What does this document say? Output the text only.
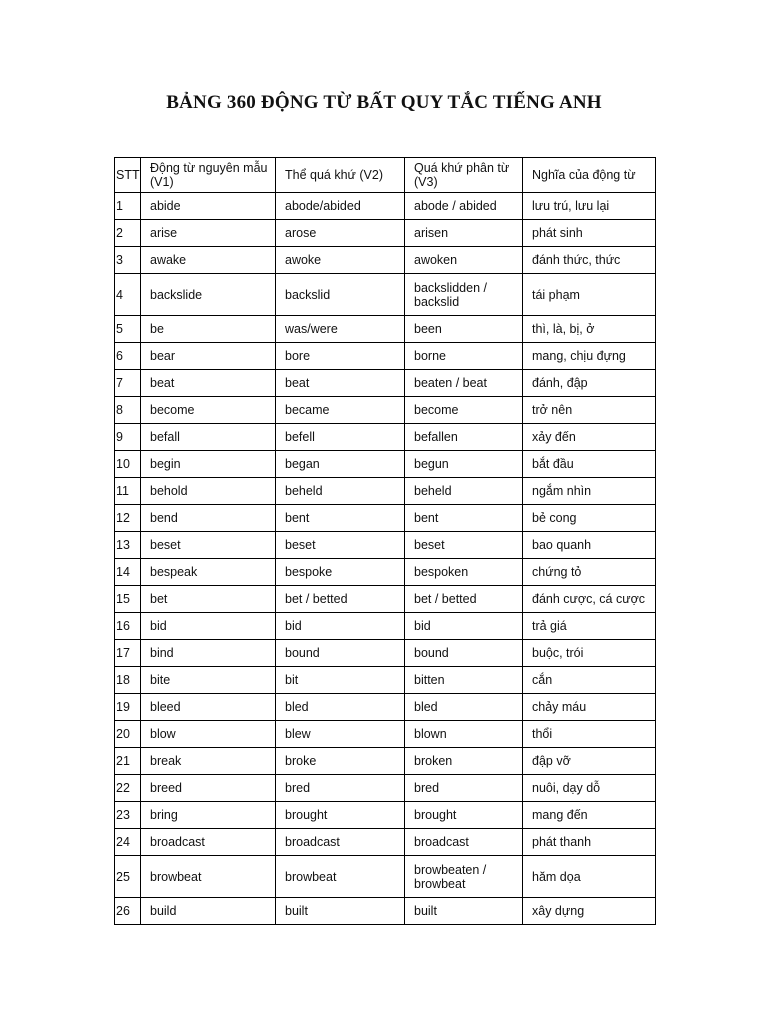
BẢNG 360 ĐỘNG TỪ BẤT QUY TẮC TIẾNG ANH
STT	Động từ nguyên mẫu (V1)	Thể quá khứ (V2)	Quá khứ phân từ (V3)	Nghĩa của động từ
1	abide	abode/abided	abode / abided	lưu trú, lưu lại
2	arise	arose	arisen	phát sinh
3	awake	awoke	awoken	đánh thức, thức
4	backslide	backslid	backslidden / backslid	tái phạm
5	be	was/were	been	thì, là, bị, ở
6	bear	bore	borne	mang, chịu đựng
7	beat	beat	beaten / beat	đánh, đập
8	become	became	become	trở nên
9	befall	befell	befallen	xảy đến
10	begin	began	begun	bắt đầu
11	behold	beheld	beheld	ngắm nhìn
12	bend	bent	bent	bẻ cong
13	beset	beset	beset	bao quanh
14	bespeak	bespoke	bespoken	chứng tỏ
15	bet	bet / betted	bet / betted	đánh cược, cá cược
16	bid	bid	bid	trả giá
17	bind	bound	bound	buộc, trói
18	bite	bit	bitten	cắn
19	bleed	bled	bled	chảy máu
20	blow	blew	blown	thổi
21	break	broke	broken	đập vỡ
22	breed	bred	bred	nuôi, dạy dỗ
23	bring	brought	brought	mang đến
24	broadcast	broadcast	broadcast	phát thanh
25	browbeat	browbeat	browbeaten / browbeat	hăm dọa
26	build	built	built	xây dựng
